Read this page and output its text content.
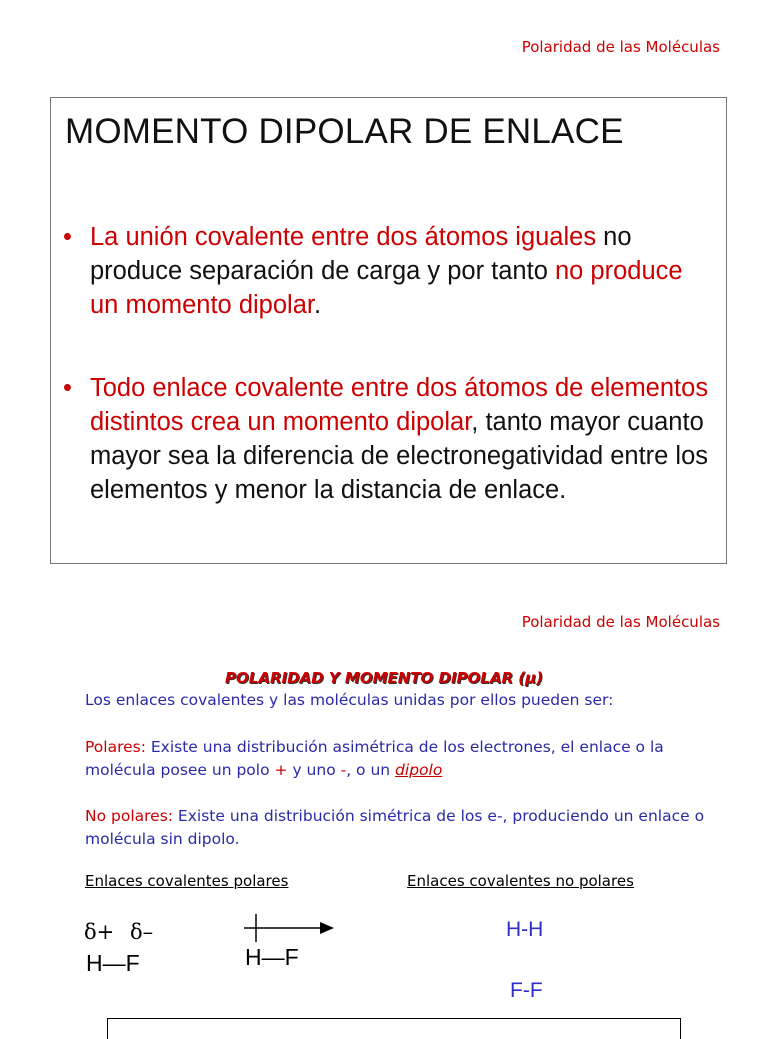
Polaridad de las Moléculas
MOMENTO DIPOLAR DE ENLACE
• La unión covalente entre dos átomos iguales no produce separación de carga y por tanto no produce un momento dipolar.
• Todo enlace covalente entre dos átomos de elementos distintos crea un momento dipolar, tanto mayor cuanto mayor sea la diferencia de electronegatividad entre los elementos y menor la distancia de enlace.
Polaridad de las Moléculas
POLARIDAD Y MOMENTO DIPOLAR (μ)
Los enlaces covalentes y las moléculas unidas por ellos pueden ser:
Polares: Existe una distribución asimétrica de los electrones, el enlace o la molécula posee un polo + y uno -, o un dipolo
No polares: Existe una distribución simétrica de los e-, produciendo un enlace o molécula sin dipolo.
Enlaces covalentes polares	Enlaces covalentes no polares
δ+ δ–
H—F	H—F
H-H
F-F
